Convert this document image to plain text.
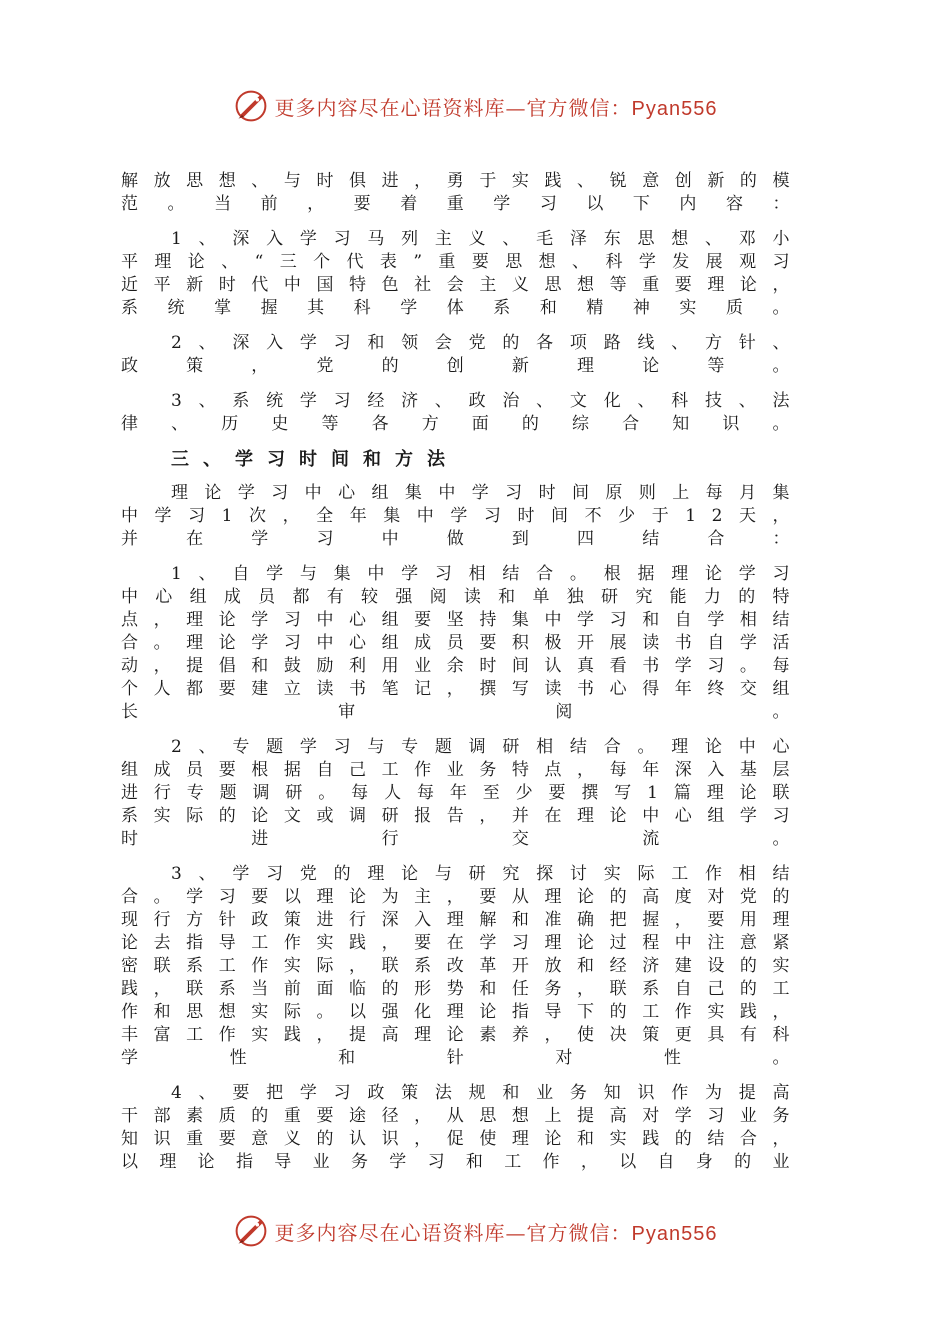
更多内容尽在心语资料库—官方微信：Pyan556

解放思想、与时俱进，勇于实践、锐意创新的模范。当前，要着重学习以下内容：

1、深入学习马列主义、毛泽东思想、邓小平理论、“三个代表”重要思想、科学发展观习近平新时代中国特色社会主义思想等重要理论，系统掌握其科学体系和精神实质。

2、深入学习和领会党的各项路线、方针、政策，党的创新理论等。

3、系统学习经济、政治、文化、科技、法律、历史等各方面的综合知识。

三、学习时间和方法

理论学习中心组集中学习时间原则上每月集中学习1次，全年集中学习时间不少于12天，并在学习中做到四结合：

1、自学与集中学习相结合。根据理论学习中心组成员都有较强阅读和单独研究能力的特点，理论学习中心组要坚持集中学习和自学相结合。理论学习中心组成员要积极开展读书自学活动，提倡和鼓励利用业余时间认真看书学习。每个人都要建立读书笔记，撰写读书心得年终交组长审阅。

2、专题学习与专题调研相结合。理论中心组成员要根据自己工作业务特点，每年深入基层进行专题调研。每人每年至少要撰写1篇理论联系实际的论文或调研报告，并在理论中心组学习时进行交流。

3、学习党的理论与研究探讨实际工作相结合。学习要以理论为主，要从理论的高度对党的现行方针政策进行深入理解和准确把握，要用理论去指导工作实践，要在学习理论过程中注意紧密联系工作实际，联系改革开放和经济建设的实践，联系当前面临的形势和任务，联系自己的工作和思想实际。以强化理论指导下的工作实践，丰富工作实践，提高理论素养，使决策更具有科学性和针对性。

4、要把学习政策法规和业务知识作为提高干部素质的重要途径，从思想上提高对学习业务知识重要意义的认识，促使理论和实践的结合，以理论指导业务学习和工作，以自身的业

更多内容尽在心语资料库—官方微信：Pyan556
